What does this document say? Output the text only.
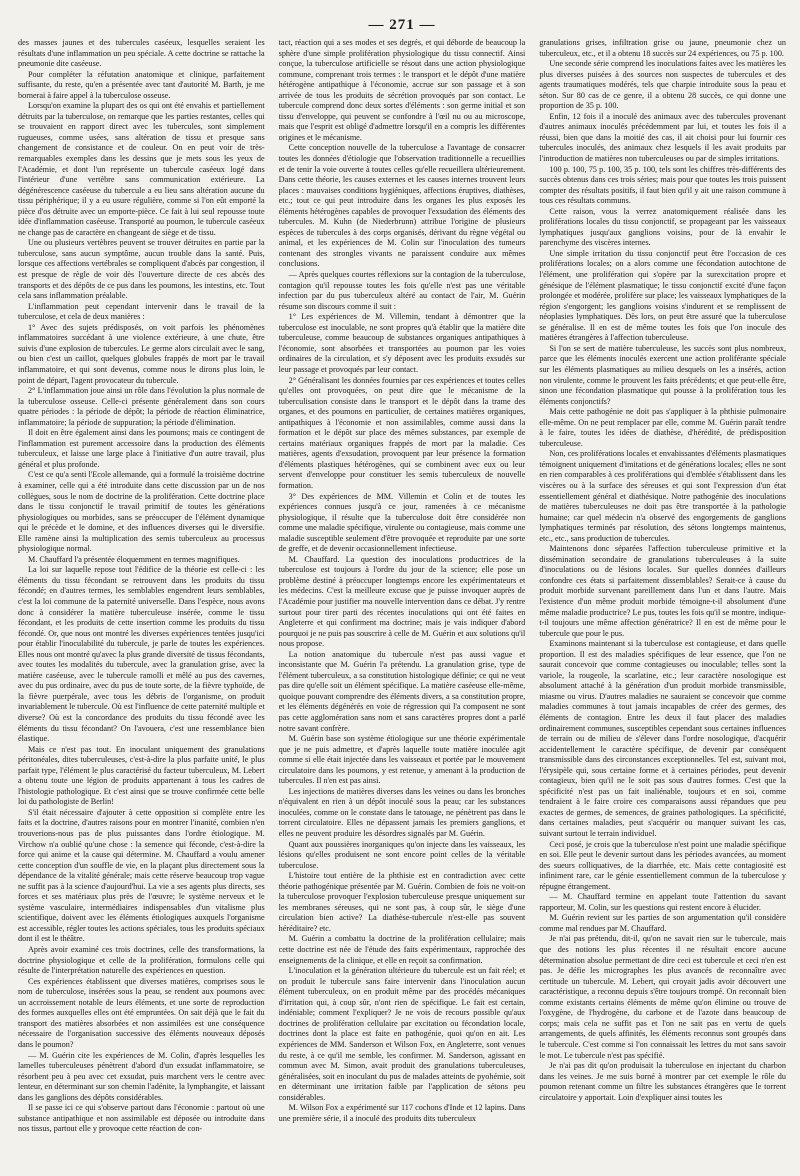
— 271 —

des masses jaunes et des tubercules caséeux, lesquelles seraient les résultats d'une inflammation un peu spéciale. A cette doctrine se rattache la pneumonie dite caséeuse.

Pour compléter la réfutation anatomique et clinique, parfaitement suffisante, du reste, qu'en a présentée avec tant d'autorité M. Barth, je me bornerai à faire appel à la tuberculose osseuse.

Lorsqu'on examine la plupart des os qui ont été envahis et partiellement détruits par la tuberculose, on remarque que les parties restantes, celles qui se trouvaient en rapport direct avec les tubercules, sont simplement rugueuses, comme usées, sans altération de tissu et presque sans changement de consistance et de couleur. On en peut voir de très-remarquables exemples dans les dessins que je mets sous les yeux de l'Académie, et dont l'un représente un tubercule caséeux logé dans l'intérieur d'une vertèbre sans communication extérieure. La dégénérescence caséeuse du tubercule a eu lieu sans altération aucune du tissu périphérique; il y a eu usure régulière, comme si l'on eût emporté la pièce d'os détruite avec un emporte-pièce. Ce fait à lui seul repousse toute idée d'inflammation caséeuse. Transporté au poumon, le tubercule caséeux ne change pas de caractère en changeant de siège et de tissu.

Une ou plusieurs vertèbres peuvent se trouver détruites en partie par la tuberculose, sans aucun symptôme, aucun trouble dans la santé. Puis, lorsque ces affections vertébrales se compliquent d'abcès par congestion, il est presque de règle de voir dès l'ouverture directe de ces abcès des transports et des dépôts de ce pus dans les poumons, les intestins, etc. Tout cela sans inflammation préalable.

L'inflammation peut cependant intervenir dans le travail de la tuberculose, et cela de deux manières :

1° Avec des sujets prédisposés, on voit parfois les phénomènes inflammatoires succédant à une violence extérieure, à une chute, être suivis d'une explosion de tubercules. Le germe alors circulait avec le sang, ou bien c'est un caillot, quelques globules frappés de mort par le travail inflammatoire, et qui sont devenus, comme nous le dirons plus loin, le point de départ, l'agent provocateur du tubercule.

2° L'inflammation joue ainsi un rôle dans l'évolution la plus normale de la tuberculose osseuse. Celle-ci présente généralement dans son cours quatre périodes : la période de dépôt; la période de réaction éliminatrice, inflammatoire; la période de suppuration; la période d'élimination.

Il doit en être également ainsi dans les poumons; mais ce contingent de l'inflammation est purement accessoire dans la production des éléments tuberculeux, et laisse une large place à l'initiative d'un autre travail, plus général et plus profonde.

C'est ce qu'a senti l'Ecole allemande, qui a formulé la troisième doctrine à examiner, celle qui a été introduite dans cette discussion par un de nos collègues, sous le nom de doctrine de la prolifération. Cette doctrine place dans le tissu conjonctif le travail primitif de toutes les générations physiologiques ou morbides, sans se préoccuper de l'élément dynamique qui le précède et le domine, et des influences diverses qui le diversifie. Elle ramène ainsi la multiplication des semis tuberculeux au processus physiologique normal.

M. Chauffard l'a présentée éloquemment en termes magnifiques.

La loi sur laquelle repose tout l'édifice de la théorie est celle-ci : les éléments du tissu fécondant se retrouvent dans les produits du tissu fécondé; en d'autres termes, les semblables engendrent leurs semblables, c'est la loi commune de la paternité universelle. Dans l'espèce, nous avons donc à considérer la matière tuberculeuse insérée, comme le tissu fécondant, et les produits de cette insertion comme les produits du tissu fécondé. Or, que nous ont montré les diverses expériences tentées jusqu'ici pour établir l'inoculabilité du tubercule, je parle de toutes les expériences. Elles nous ont montré qu'avec la plus grande diversité de tissus fécondants, avec toutes les modalités du tubercule, avec la granulation grise, avec la matière caséeuse, avec le tubercule ramolli et mêlé au pus des cavernes, avec du pus ordinaire, avec du pus de toute sorte, de la fièvre typhoïde, de la fièvre puerpérale, avec tous les débris de l'organisme, on produit invariablement le tubercule. Où est l'influence de cette paternité multiple et diverse? Où est la concordance des produits du tissu fécondé avec les éléments du tissu fécondant? On l'avouera, c'est une ressemblance bien élastique.

Mais ce n'est pas tout. En inoculant uniquement des granulations péritonéales, dites tuberculeuses, c'est-à-dire la plus parfaite unité, le plus parfait type, l'élément le plus caractérisé du facteur tuberculeux, M. Lebert a obtenu toute une légion de produits appartenant à tous les cadres de l'histologie pathologique. Et c'est ainsi que se trouve confirmée cette belle loi du pathologiste de Berlin!

S'il était nécessaire d'ajouter à cette opposition si complète entre les faits et la doctrine, d'autres raisons pour en montrer l'inanité, combien n'en trouverions-nous pas de plus puissantes dans l'ordre étiologique. M. Virchow n'a oublié qu'une chose : la semence qui féconde, c'est-à-dire la force qui anime et la cause qui détermine. M. Chauffard a voulu amener cette conception d'un souffle de vie, en la plaçant plus directement sous la dépendance de la vitalité générale; mais cette réserve beaucoup trop vague ne suffit pas à la science d'aujourd'hui. La vie a ses agents plus directs, ses forces et ses matériaux plus près de l'œuvre; le système nerveux et le système vasculaire, intermédiaires indispensables d'un vitalisme plus scientifique, doivent avec les éléments étiologiques auxquels l'organisme est accessible, régler toutes les actions spéciales, tous les produits spéciaux dont il est le théâtre.

Après avoir examiné ces trois doctrines, celle des transformations, la doctrine physiologique et celle de la prolifération, formulons celle qui résulte de l'interprétation naturelle des expériences en question.

Ces expériences établissent que diverses matières, comprises sous le nom de tuberculose, insérées sous la peau, se rendent aux poumons avec un accroissement notable de leurs éléments, et une sorte de reproduction des formes auxquelles elles ont été empruntées. On sait déjà que le fait du transport des matières absorbées et non assimilées est une conséquence nécessaire de l'organisation successive des éléments nouveaux déposés dans le poumon?

— M. Guérin cite les expériences de M. Colin, d'après lesquelles les lamelles tuberculeuses pénètrent d'abord d'un exsudat inflammatoire, se résorbent peu à peu avec cet exsudat, puis marchent vers le centre avec lenteur, en déterminant sur son chemin l'adénite, la lymphangite, et laissant dans les ganglions des dépôts considérables.

Il se passe ici ce qui s'observe partout dans l'économie : partout où une substance antipathique et non assimilable est déposée ou introduite dans nos tissus, partout elle y provoque cette réaction de con-

tact, réaction qui a ses modes et ses degrés, et qui déborde de beaucoup la sphère d'une simple prolifération physiologique du tissu connectif. Ainsi conçue, la tuberculose artificielle se résout dans une action physiologique commune, comprenant trois termes : le transport et le dépôt d'une matière hétérogène antipathique à l'économie, accrue sur son passage et à son arrivée de tous les produits de sécrétion provoqués par son contact. Le tubercule comprend donc deux sortes d'éléments : son germe initial et son tissu d'enveloppe, qui peuvent se confondre à l'œil nu ou au microscope, mais que l'esprit est obligé d'admettre lorsqu'il en a compris les différentes origines et le mécanisme.

Cette conception nouvelle de la tuberculose a l'avantage de consacrer toutes les données d'étiologie que l'observation traditionnelle a recueillies et de tenir la voie ouverte à toutes celles qu'elle recueillera ultérieurement. Dans cette théorie, les causes externes et les causes internes trouvent leurs places : mauvaises conditions hygiéniques, affections éruptives, diathèses, etc.; tout ce qui peut introduire dans les organes les plus exposés les éléments hétérogènes capables de provoquer l'exsudation des éléments des tubercules. M. Kuhn (de Niederbrunn) attribue l'origine de plusieurs espèces de tubercules à des corps organisés, dérivant du règne végétal ou animal, et les expériences de M. Colin sur l'inoculation des tumeurs contenant des strongles vivants ne paraissent conduire aux mêmes conclusions.

— Après quelques courtes réflexions sur la contagion de la tuberculose, contagion qu'il repousse toutes les fois qu'elle n'est pas une véritable infection par du pus tuberculeux altéré au contact de l'air, M. Guérin résume son discours comme il suit :

1° Les expériences de M. Villemin, tendant à démontrer que la tuberculose est inoculable, ne sont propres qu'à établir que la matière dite tuberculeuse, comme beaucoup de substances organiques antipathiques à l'économie, sont absorbées et transportées au poumon par les voies ordinaires de la circulation, et s'y déposent avec les produits exsudés sur leur passage et provoqués par leur contact.

2° Généralisant les données fournies par ces expériences et toutes celles qu'elles ont provoquées, on peut dire que le mécanisme de la tuberculisation consiste dans le transport et le dépôt dans la trame des organes, et des poumons en particulier, de certaines matières organiques, antipathiques à l'économie et non assimilables, comme aussi dans la formation et le dépôt sur place des mêmes substances, par exemple de certains matériaux organiques frappés de mort par la maladie. Ces matières, agents d'exsudation, provoquent par leur présence la formation d'éléments plastiques hétérogènes, qui se combinent avec eux ou leur servent d'enveloppe pour constituer les semis tuberculeux de nouvelle formation.

3° Des expériences de MM. Villemin et Colin et de toutes les expériences connues jusqu'à ce jour, ramenées à ce mécanisme physiologique, il résulte que la tuberculose doit être considérée non comme une maladie spécifique, virulente ou contagieuse, mais comme une maladie susceptible seulement d'être provoquée et reproduite par une sorte de greffe, et de devenir occasionnellement infectieuse.

M. Chauffard. La question des inoculations productrices de la tuberculose est toujours à l'ordre du jour de la science; elle pose un problème destiné à préoccuper longtemps encore les expérimentateurs et les médecins. C'est la meilleure excuse que je puisse invoquer auprès de l'Académie pour justifier ma nouvelle intervention dans ce débat. J'y rentre surtout pour tirer parti des récentes inoculations qui ont été faites en Angleterre et qui confirment ma doctrine; mais je vais indiquer d'abord pourquoi je ne puis pas souscrire à celle de M. Guérin et aux solutions qu'il nous propose.

La notion anatomique du tubercule n'est pas aussi vague et inconsistante que M. Guérin l'a prétendu. La granulation grise, type de l'élément tuberculeux, a sa constitution histologique définie; ce qui ne veut pas dire qu'elle soit un élément spécifique. La matière caséeuse elle-même, quoique pouvant comprendre des éléments divers, a sa constitution propre, et les éléments dégénérés en voie de régression qui l'a composent ne sont pas cette agglomération sans nom et sans caractères propres dont a parlé notre savant confrère.

M. Guérin base son système étiologique sur une théorie expérimentale que je ne puis admettre, et d'après laquelle toute matière inoculée agit comme si elle était injectée dans les vaisseaux et portée par le mouvement circulatoire dans les poumons, y est retenue, y amenant à la production de tubercules. Il n'en est pas ainsi.

Les injections de matières diverses dans les veines ou dans les bronches n'équivalent en rien à un dépôt inoculé sous la peau; car les substances inoculées, comme on le constate dans le tatouage, ne pénètrent pas dans le torrent circulatoire. Elles ne dépassent jamais les premiers ganglions, et elles ne peuvent produire les désordres signalés par M. Guérin.

Quant aux poussières inorganiques qu'on injecte dans les vaisseaux, les lésions qu'elles produisent ne sont encore point celles de la véritable tuberculose.

L'histoire tout entière de la phthisie est en contradiction avec cette théorie pathogénique présentée par M. Guérin. Combien de fois ne voit-on la tuberculose provoquer l'explosion tuberculeuse presque uniquement sur les membranes séreuses, qui ne sont pas, à coup sûr, le siège d'une circulation bien active? La diathèse-tubercule n'est-elle pas souvent héréditaire? etc.

M. Guérin a combattu la doctrine de la prolifération cellulaire; mais cette doctrine est née de l'étude des faits expérimentaux, rapprochée des enseignements de la clinique, et elle en reçoit sa confirmation.

L'inoculation et la génération ultérieure du tubercule est un fait réel; et on produit le tubercule sans faire intervenir dans l'inoculation aucun élément tuberculeux, on en produit même par des procédés mécaniques d'irritation qui, à coup sûr, n'ont rien de spécifique. Le fait est certain, indéniable; comment l'expliquer? Je ne vois de recours possible qu'aux doctrines de prolifération cellulaire par excitation ou fécondation locale, doctrines dont la place est faite en pathogénie, quoi qu'on en ait. Les expériences de MM. Sanderson et Wilson Fox, en Angleterre, sont venues du reste, à ce qu'il me semble, les confirmer. M. Sanderson, agissant en commun avec M. Simon, avait produit des granulations tuberculeuses, généralisées, soit en inoculant du pus de malades atteints de pyohémie, soit en déterminant une irritation faible par l'application de sétons peu considérables.

M. Wilson Fox a expérimenté sur 117 cochons d'Inde et 12 lapins. Dans une première série, il a inoculé des produits dits tuberculeux

granulations grises, infiltration grise ou jaune, pneumonie chez un tuberculeux, etc., et il a obtenu 18 succès sur 24 expériences, ou 75 p. 100.

Une seconde série comprend les inoculations faites avec les matières les plus diverses puisées à des sources non suspectes de tubercules et des agents traumatiques modérés, tels que charpie introduite sous la peau et séton. Sur 80 cas de ce genre, il a obtenu 28 succès, ce qui donne une proportion de 35 p. 100.

Enfin, 12 fois il a inoculé des animaux avec des tubercules provenant d'autres animaux inoculés précédemment par lui, et toutes les fois il a réussi, bien que dans la moitié des cas, il ait choisi pour lui fournir ces tubercules inoculés, des animaux chez lesquels il les avait produits par l'introduction de matières non tuberculeuses ou par de simples irritations.

100 p. 100, 75 p. 100, 35 p. 100, tels sont les chiffres très-différents des succès obtenus dans ces trois séries; mais pour que toutes les trois puissent compter des résultats positifs, il faut bien qu'il y ait une raison commune à tous ces résultats communs.

Cette raison, vous la verrez anatomiquement réalisée dans les proliférations locales du tissu conjonctif, se propageant par les vaisseaux lymphatiques jusqu'aux ganglions voisins, pour de là envahir le parenchyme des viscères internes.

Une simple irritation du tissu conjonctif peut être l'occasion de ces proliférations locales; on a alors comme une fécondation autochtone de l'élément, une prolifération qui s'opère par la surexcitation propre et génésique de l'élément plasmatique; le tissu conjonctif excité d'une façon prolongée et modérée, prolifère sur place; les vaisseaux lymphatiques de la région s'engorgent; les ganglions voisins s'indurent et se remplissent de néoplasies lymphatiques. Dès lors, on peut être assuré que la tuberculose se généralise. Il en est de même toutes les fois que l'on inocule des matières étrangères à l'affection tuberculeuse.

Si l'on se sert de matière tuberculeuse, les succès sont plus nombreux, parce que les éléments inoculés exercent une action proliférante spéciale sur les éléments plasmatiques au milieu desquels on les a insérés, action non virulente, comme le prouvent les faits précédents; et que peut-elle être, sinon une fécondation plasmatique qui pousse à la prolifération tous les éléments conjonctifs?

Mais cette pathogénie ne doit pas s'appliquer à la phthisie pulmonaire elle-même. On ne peut remplacer par elle, comme M. Guérin paraît tendre à le faire, toutes les idées de diathèse, d'hérédité, de prédisposition tuberculeuse.

Non, ces proliférations locales et envahissantes d'éléments plasmatiques témoignent uniquement d'imitations et de générations locales; elles ne sont en rien comparables à ces proliférations qui d'emblée s'établissent dans les viscères ou à la surface des séreuses et qui sont l'expression d'un état essentiellement général et diathésique. Notre pathogénie des inoculations de matières tuberculeuses ne doit pas être transportée à la pathologie humaine; car quel médecin n'a observé des engorgements de ganglions lymphatiques terminés par résolution, des sétons longtemps maintenus, etc., etc., sans production de tubercules.

Maintenons donc séparées l'affection tuberculeuse primitive et la dissémination secondaire de granulations tuberculeuses à la suite d'inoculations ou de lésions locales. Sur quelles données d'ailleurs confondre ces états si parfaitement dissemblables? Serait-ce à cause du produit morbide survenant pareillement dans l'un et dans l'autre. Mais l'existence d'un même produit morbide témoigne-t-il absolument d'une même maladie productrice? Le pus, toutes les fois qu'il se montre, indique-t-il toujours une même affection génératrice? Il en est de même pour le tubercule que pour le pus.

Examinons maintenant si la tuberculose est contagieuse, et dans quelle proportion. Il est des maladies spécifiques de leur essence, que l'on ne saurait concevoir que comme contagieuses ou inoculable; telles sont la variole, la rougeole, la scarlatine, etc.; leur caractère nosologique est absolument attaché à la génération d'un produit morbide transmissible, miasme ou virus. D'autres maladies ne sauraient se concevoir que comme maladies communes à tout jamais incapables de créer des germes, des éléments de contagion. Entre les deux il faut placer des maladies ordinairement communes, susceptibles cependant sous certaines influences de terrain ou de milieu de s'élever dans l'ordre nosologique, d'acquérir accidentellement le caractère spécifique, de devenir par conséquent transmissible dans des circonstances exceptionnelles. Tel est, suivant moi, l'érysipèle qui, sous certaine forme et à certaines périodes, peut devenir contagieux, bien qu'il ne le soit pas sous d'autres formes. C'est que la spécificité n'est pas un fait inaliénable, toujours et en soi, comme tendraient à le faire croire ces comparaisons aussi répandues que peu exactes de germes, de semences, de graines pathologiques. La spécificité, dans certaines maladies, peut s'acquérir ou manquer suivant les cas, suivant surtout le terrain individuel.

Ceci posé, je crois que la tuberculose n'est point une maladie spécifique en soi. Elle peut le devenir surtout dans les périodes avancées, au moment des sueurs colliquatives, de la diarrhée, etc. Mais cette contagiosité est infiniment rare, car le génie essentiellement commun de la tuberculose y répugne étrangement.

— M. Chauffard termine en appelant toute l'attention du savant rapporteur, M. Colin, sur les questions qui restent encore à élucider.

M. Guérin revient sur les parties de son argumentation qu'il considère comme mal rendues par M. Chauffard.

Je n'ai pas prétendu, dit-il, qu'on ne savait rien sur le tubercule, mais que des notions les plus récentes il ne résultait encore aucune détermination absolue permettant de dire ceci est tubercule et ceci n'en est pas. Je défie les micrographes les plus avancés de reconnaître avec certitude un tubercule. M. Lebert, qui croyait jadis avoir découvert une caractéristique, a reconnu depuis s'être toujours trompé. On reconnaît bien comme existants certains éléments de même qu'on élimine ou trouve de l'oxygène, de l'hydrogène, du carbone et de l'azote dans beaucoup de corps; mais cela ne suffit pas et l'on ne sait pas en vertu de quels arrangements, de quels affinités, les éléments reconnus sont groupés dans le tubercule. C'est comme si l'on connaissait les lettres du mot sans savoir le mot. Le tubercule n'est pas spécifié.

Je n'ai pas dit qu'on produisait la tuberculose en injectant du charbon dans les veines. Je me suis borné à montrer par cet exemple le rôle du poumon retenant comme un filtre les substances étrangères que le torrent circulatoire y apportait. Loin d'expliquer ainsi toutes les
